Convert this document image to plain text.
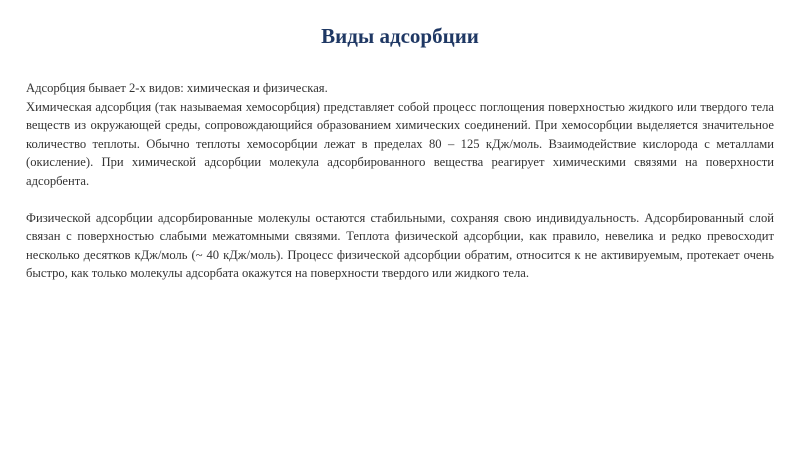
Виды адсорбции

Адсорбция бывает 2-х видов: химическая и физическая.

Химическая адсорбция (так называемая хемосорбция) представляет собой процесс поглощения поверхностью жидкого или твердого тела веществ из окружающей среды, сопровождающийся образованием химических соединений. При хемосорбции выделяется значительное количество теплоты. Обычно теплоты хемосорбции лежат в пределах 80 – 125 кДж/моль. Взаимодействие кислорода с металлами (окисление). При химической адсорбции молекула адсорбированного вещества реагирует химическими связями на поверхности адсорбента.

Физической адсорбции адсорбированные молекулы остаются стабильными, сохраняя свою индивидуальность. Адсорбированный слой связан с поверхностью слабыми межатомными связями. Теплота физической адсорбции, как правило, невелика и редко превосходит несколько десятков кДж/моль (~ 40 кДж/моль). Процесс физической адсорбции обратим, относится к не активируемым, протекает очень быстро, как только молекулы адсорбата окажутся на поверхности твердого или жидкого тела.
